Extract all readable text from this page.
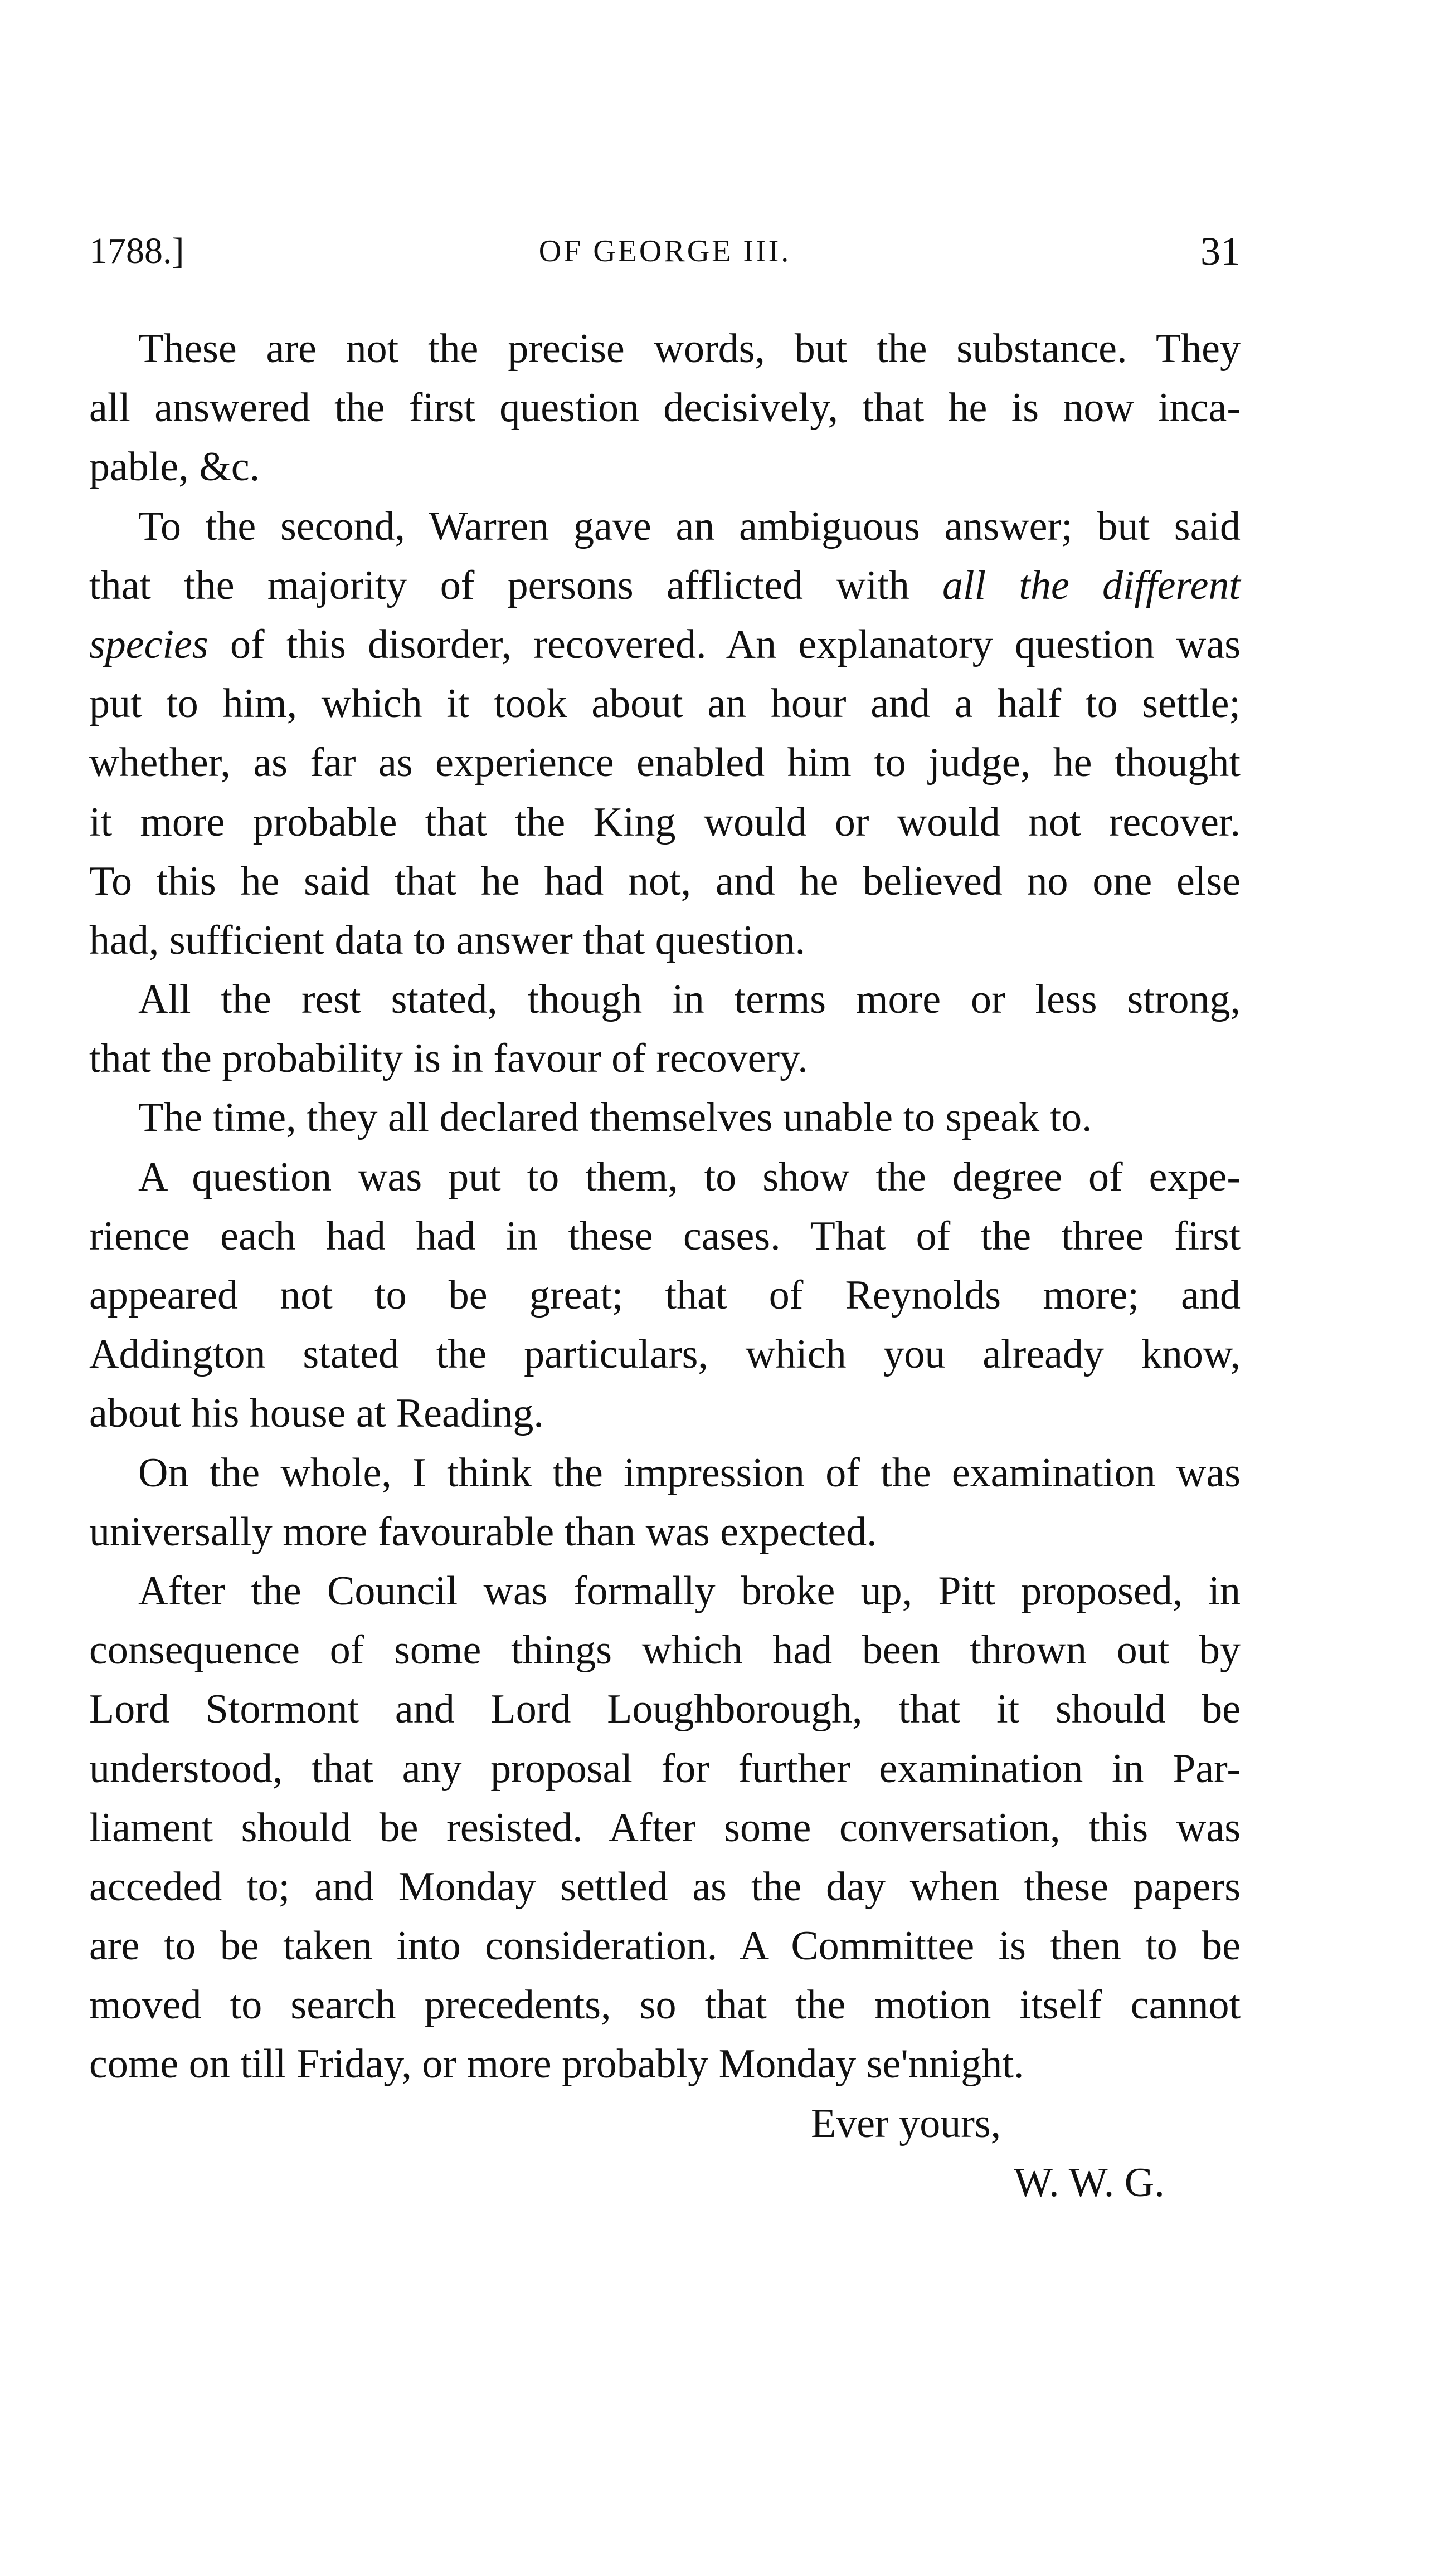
1788.]	OF GEORGE III.	31
These are not the precise words, but the substance. They
all answered the first question decisively, that he is now inca-
pable, &c.
To the second, Warren gave an ambiguous answer; but said
that the majority of persons afflicted with all the different
species of this disorder, recovered. An explanatory question was
put to him, which it took about an hour and a half to settle;
whether, as far as experience enabled him to judge, he thought
it more probable that the King would or would not recover.
To this he said that he had not, and he believed no one else
had, sufficient data to answer that question.
All the rest stated, though in terms more or less strong,
that the probability is in favour of recovery.
The time, they all declared themselves unable to speak to.
A question was put to them, to show the degree of expe-
rience each had had in these cases. That of the three first
appeared not to be great; that of Reynolds more; and
Addington stated the particulars, which you already know,
about his house at Reading.
On the whole, I think the impression of the examination was
universally more favourable than was expected.
After the Council was formally broke up, Pitt proposed, in
consequence of some things which had been thrown out by
Lord Stormont and Lord Loughborough, that it should be
understood, that any proposal for further examination in Par-
liament should be resisted. After some conversation, this was
acceded to; and Monday settled as the day when these papers
are to be taken into consideration. A Committee is then to be
moved to search precedents, so that the motion itself cannot
come on till Friday, or more probably Monday se'nnight.
Ever yours,
W. W. G.
